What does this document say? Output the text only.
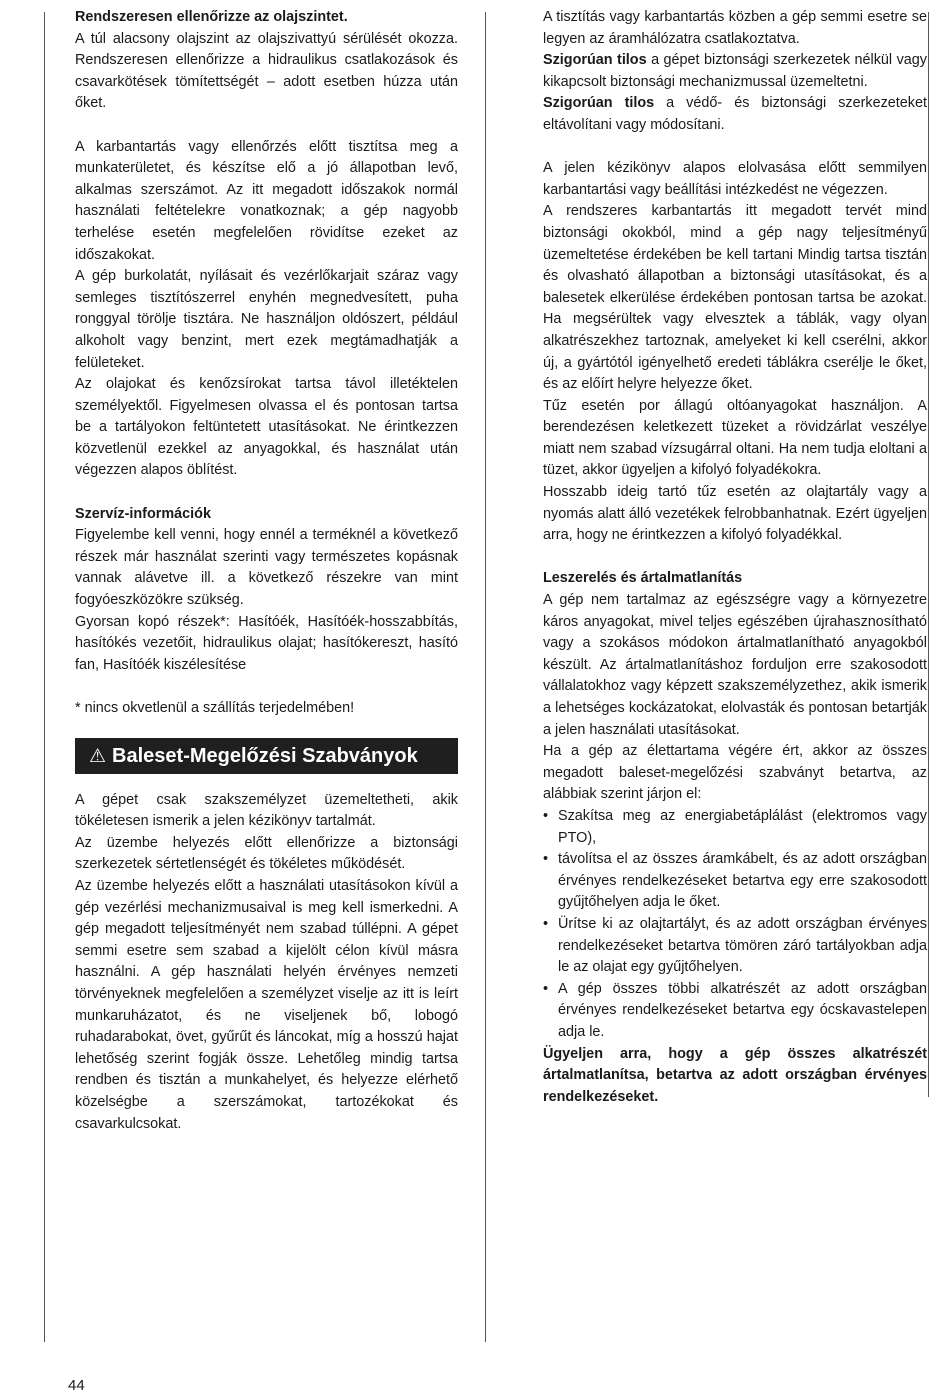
Rendszeresen ellenőrizze az olajszintet.

A túl alacsony olajszint az olajszivattyú sérülését okozza. Rendszeresen ellenőrizze a hidraulikus csatlakozások és csavarkötések tömítettségét – adott esetben húzza után őket.

A karbantartás vagy ellenőrzés előtt tisztítsa meg a munkaterületet, és készítse elő a jó állapotban levő, alkalmas szerszámot. Az itt megadott időszakok normál használati feltételekre vonatkoznak; a gép nagyobb terhelése esetén megfelelően rövidítse ezeket az időszakokat.

A gép burkolatát, nyílásait és vezérlőkarjait száraz vagy semleges tisztítószerrel enyhén megnedvesített, puha ronggyal törölje tisztára. Ne használjon oldószert, például alkoholt vagy benzint, mert ezek megtámadhatják a felületeket.

Az olajokat és kenőzsírokat tartsa távol illetéktelen személyektől. Figyelmesen olvassa el és pontosan tartsa be a tartályokon feltüntetett utasításokat. Ne érintkezzen közvetlenül ezekkel az anyagokkal, és használat után végezzen alapos öblítést.

Szervíz-információk

Figyelembe kell venni, hogy ennél a terméknél a következő részek már használat szerinti vagy természetes kopásnak vannak alávetve ill. a következő részekre van mint fogyóeszközökre szükség.

Gyorsan kopó részek*: Hasítóék, Hasítóék-hosszabbítás, hasítókés vezetőit, hidraulikus olajat; hasítókereszt, hasító fan, Hasítóék kiszélesítése

* nincs okvetlenül a szállítás terjedelmében!

⚠ Baleset-Megelőzési Szabványok

A gépet csak szakszemélyzet üzemeltetheti, akik tökéletesen ismerik a jelen kézikönyv tartalmát.

Az üzembe helyezés előtt ellenőrizze a biztonsági szerkezetek sértetlenségét és tökéletes működését.

Az üzembe helyezés előtt a használati utasításokon kívül a gép vezérlési mechanizmusaival is meg kell ismerkedni. A gép megadott teljesítményét nem szabad túllépni. A gépet semmi esetre sem szabad a kijelölt célon kívül másra használni. A gép használati helyén érvényes nemzeti törvényeknek megfelelően a személyzet viselje az itt is leírt munkaruházatot, és ne viseljenek bő, lobogó ruhadarabokat, övet, gyűrűt és láncokat, míg a hosszú hajat lehetőség szerint fogják össze. Lehetőleg mindig tartsa rendben és tisztán a munkahelyet, és helyezze elérhető közelségbe a szerszámokat, tartozékokat és csavarkulcsokat.

A tisztítás vagy karbantartás közben a gép semmi esetre se legyen az áramhálózatra csatlakoztatva.

Szigorúan tilos a gépet biztonsági szerkezetek nélkül vagy kikapcsolt biztonsági mechanizmussal üzemeltetni.

Szigorúan tilos a védő- és biztonsági szerkezeteket eltávolítani vagy módosítani.

A jelen kézikönyv alapos elolvasása előtt semmilyen karbantartási vagy beállítási intézkedést ne végezzen.

A rendszeres karbantartás itt megadott tervét mind biztonsági okokból, mind a gép nagy teljesítményű üzemeltetése érdekében be kell tartani Mindig tartsa tisztán és olvasható állapotban a biztonsági utasításokat, és a balesetek elkerülése érdekében pontosan tartsa be azokat. Ha megsérültek vagy elvesztek a táblák, vagy olyan alkatrészekhez tartoznak, amelyeket ki kell cserélni, akkor új, a gyártótól igényelhető eredeti táblákra cserélje le őket, és az előírt helyre helyezze őket.

Tűz esetén por állagú oltóanyagokat használjon. A berendezésen keletkezett tüzeket a rövidzárlat veszélye miatt nem szabad vízsugárral oltani. Ha nem tudja eloltani a tüzet, akkor ügyeljen a kifolyó folyadékokra.

Hosszabb ideig tartó tűz esetén az olajtartály vagy a nyomás alatt álló vezetékek felrobbanhatnak. Ezért ügyeljen arra, hogy ne érintkezzen a kifolyó folyadékkal.

Leszerelés és ártalmatlanítás

A gép nem tartalmaz az egészségre vagy a környezetre káros anyagokat, mivel teljes egészében újrahasznosítható vagy a szokásos módokon ártalmatlanítható anyagokból készült. Az ártalmatlanításhoz forduljon erre szakosodott vállalatokhoz vagy képzett szakszemélyzethez, akik ismerik a lehetséges kockázatokat, elolvasták és pontosan betartják a jelen használati utasításokat.

Ha a gép az élettartama végére ért, akkor az összes megadott baleset-megelőzési szabványt betartva, az alábbiak szerint járjon el:

• Szakítsa meg az energiabetáplálást (elektromos vagy PTO),
• távolítsa el az összes áramkábelt, és az adott országban érvényes rendelkezéseket betartva egy erre szakosodott gyűjtőhelyen adja le őket.
• Ürítse ki az olajtartályt, és az adott országban érvényes rendelkezéseket betartva tömören záró tartályokban adja le az olajat egy gyűjtőhelyen.
• A gép összes többi alkatrészét az adott országban érvényes rendelkezéseket betartva egy ócskavastelepen adja le.

Ügyeljen arra, hogy a gép összes alkatrészét ártalmatlanítsa, betartva az adott országban érvényes rendelkezéseket.

44
